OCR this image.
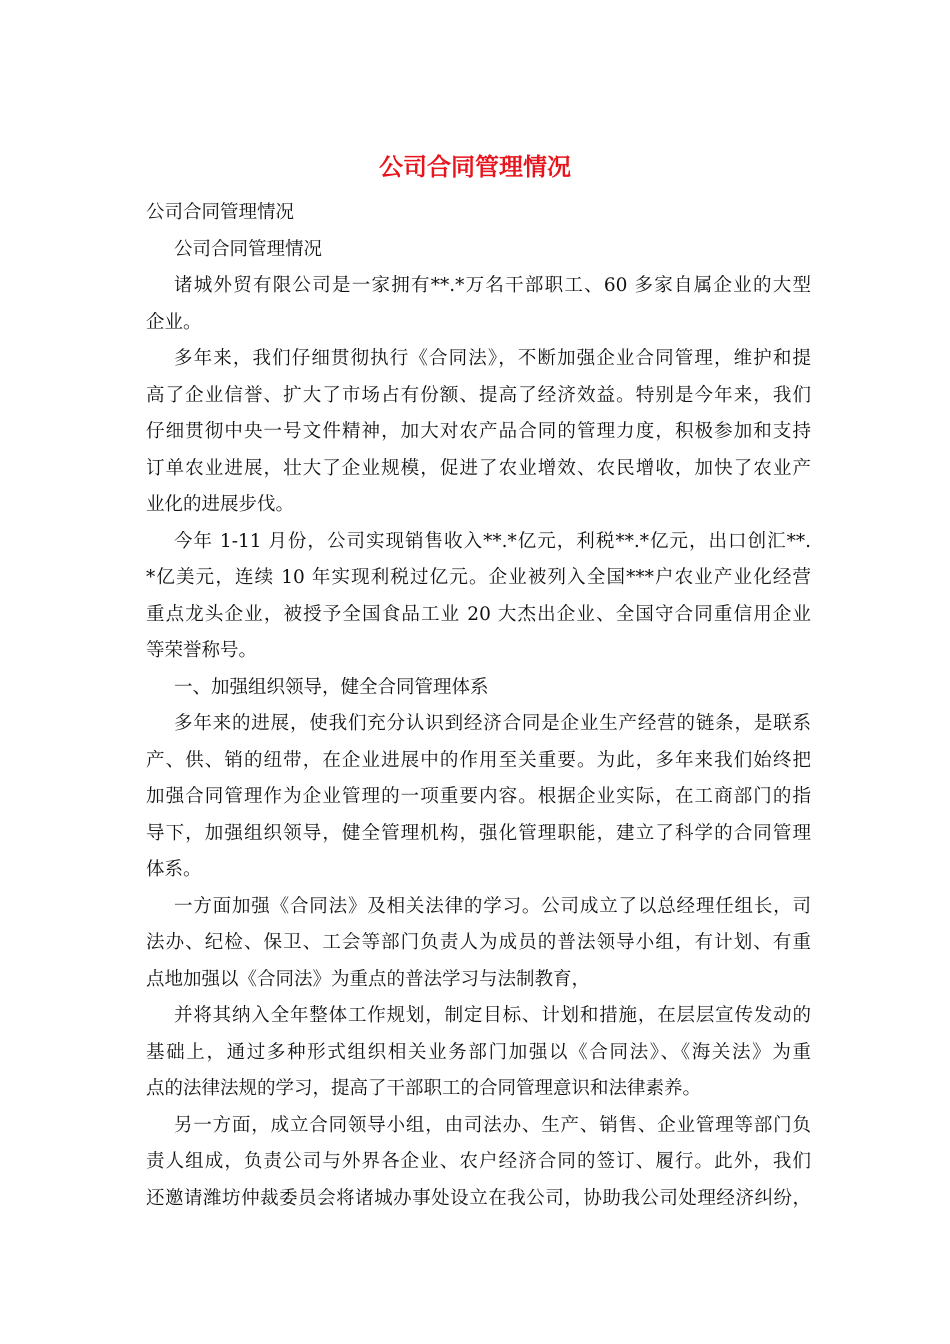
公司合同管理情况
公司合同管理情况
公司合同管理情况
诸城外贸有限公司是一家拥有**.*万名干部职工、60 多家自属企业的大型
企业。
多年来，我们仔细贯彻执行《合同法》，不断加强企业合同管理，维护和提
高了企业信誉、扩大了市场占有份额、提高了经济效益。特别是今年来，我们
仔细贯彻中央一号文件精神，加大对农产品合同的管理力度，积极参加和支持
订单农业进展，壮大了企业规模，促进了农业增效、农民增收，加快了农业产
业化的进展步伐。
今年 1-11 月份，公司实现销售收入**.*亿元，利税**.*亿元，出口创汇**.
*亿美元，连续 10 年实现利税过亿元。企业被列入全国***户农业产业化经营
重点龙头企业，被授予全国食品工业 20 大杰出企业、全国守合同重信用企业
等荣誉称号。
一、加强组织领导，健全合同管理体系
多年来的进展，使我们充分认识到经济合同是企业生产经营的链条，是联系
产、供、销的纽带，在企业进展中的作用至关重要。为此，多年来我们始终把
加强合同管理作为企业管理的一项重要内容。根据企业实际，在工商部门的指
导下，加强组织领导，健全管理机构，强化管理职能，建立了科学的合同管理
体系。
一方面加强《合同法》及相关法律的学习。公司成立了以总经理任组长，司
法办、纪检、保卫、工会等部门负责人为成员的普法领导小组，有计划、有重
点地加强以《合同法》为重点的普法学习与法制教育，
并将其纳入全年整体工作规划，制定目标、计划和措施，在层层宣传发动的
基础上，通过多种形式组织相关业务部门加强以《合同法》、《海关法》为重
点的法律法规的学习，提高了干部职工的合同管理意识和法律素养。
另一方面，成立合同领导小组，由司法办、生产、销售、企业管理等部门负
责人组成，负责公司与外界各企业、农户经济合同的签订、履行。此外，我们
还邀请潍坊仲裁委员会将诸城办事处设立在我公司，协助我公司处理经济纠纷，
